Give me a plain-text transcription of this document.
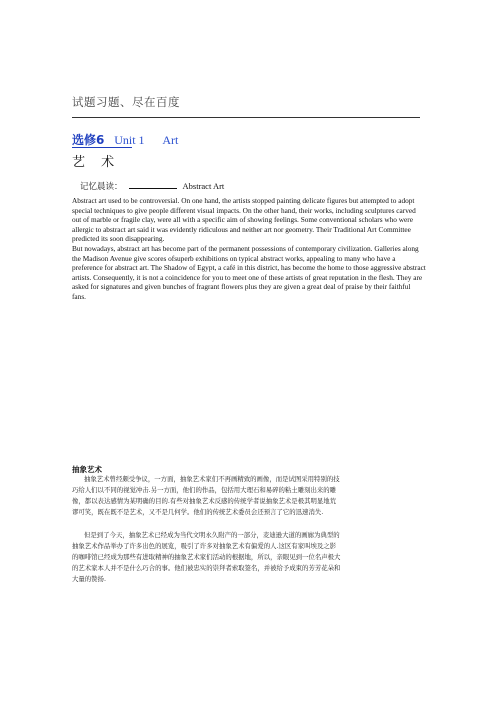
试题习题、尽在百度
选修6 Unit 1 Art
艺 术
记忆晨读：	Abstract Art
Abstract art used to be controversial. On one hand, the artists stopped painting delicate figures but attempted to adopt
special techniques to give people different visual impacts. On the other hand, their works, including sculptures carved
out of marble or fragile clay, were all with a specific aim of showing feelings. Some conventional scholars who were
allergic to abstract art said it was evidently ridiculous and neither art nor geometry. Their Traditional Art Committee
predicted its soon disappearing.
But nowadays, abstract art has become part of the permanent possessions of contemporary civilization. Galleries along
the Madison Avenue give scores ofsuperb exhibitions on typical abstract works, appealing to many who have a
preference for abstract art. The Shadow of Egypt, a café in this district, has become the home to those aggressive abstract
artists. Consequently, it is not a coincidence for you to meet one of these artists of great reputation in the flesh. They are
asked for signatures and given bunches of fragrant flowers plus they are given a great deal of praise by their faithful
fans.
抽象艺术
抽象艺术曾经颇受争议，一方面，抽象艺术家们不再画精致的画像，而是试图采用特别的技
巧给人们以不同的视觉冲击.另一方面，他们的作品，包括用大理石和易碎的粘土雕刻出来的雕
像，都以表达感情为某明确的目的.有些对抽象艺术反感的传统学者说抽象艺术是极其明显地荒
谬可笑，既在既不是艺术，又不是几何学。他们的传统艺术委员会还预言了它的迅速消失.
但是到了今天，抽象艺术已经成为当代文明永久附产的一部分，麦迪逊大道的画廊为典型的
抽象艺术作品举办了许多出色的展览，吸引了许多对抽象艺术有偏爱的人.这区有家叫埃及之影
的咖啡馆已经成为那些有进取精神的抽象艺术家们活动的根据地，所以，亲眼见到一位名声极大
的艺术家本人并不是什么巧合的事。他们被忠实的崇拜者索取签名，并被给予成束的芳芳花朵和
大量的赞扬.
